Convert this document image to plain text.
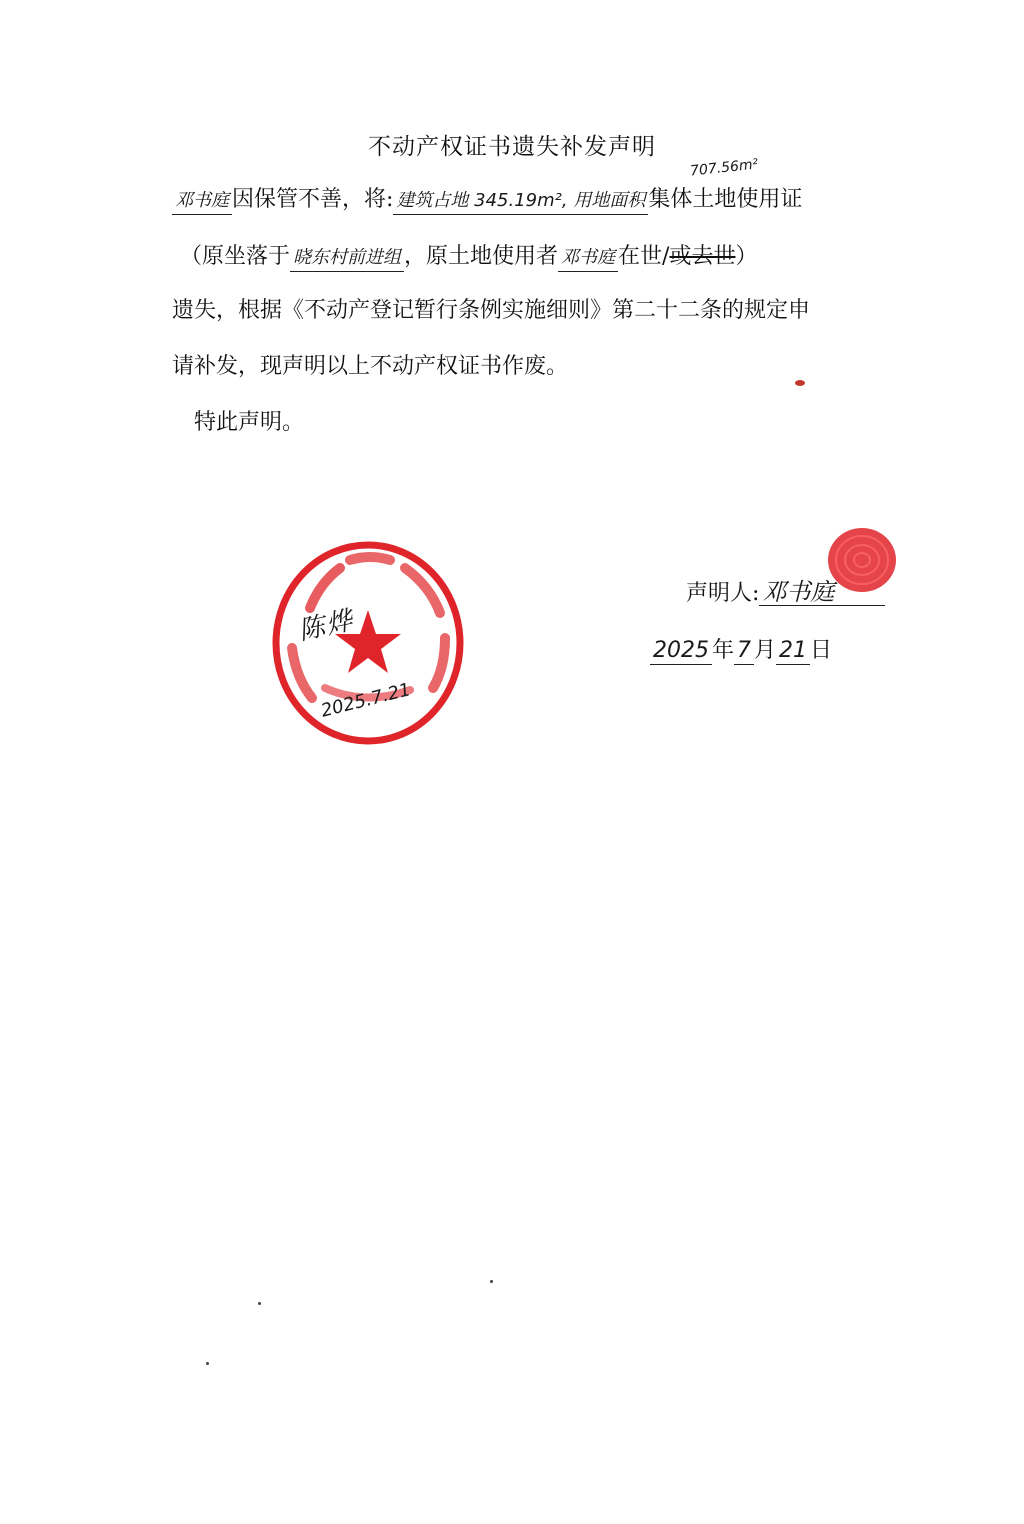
不动产权证书遗失补发声明
邓书庭 因保管不善，将: 建筑占地 345.19m², 用地面积 集体土地使用证
707.56m²
（原坐落于 晓东村前进组 ，原土地使用者 邓书庭 在世/或去世）
遗失，根据《不动产登记暂行条例实施细则》第二十二条的规定申
请补发，现声明以上不动产权证书作废。
特此声明。
陈烨
2025.7.21
声明人: 邓书庭
2025 年 7 月 21 日
